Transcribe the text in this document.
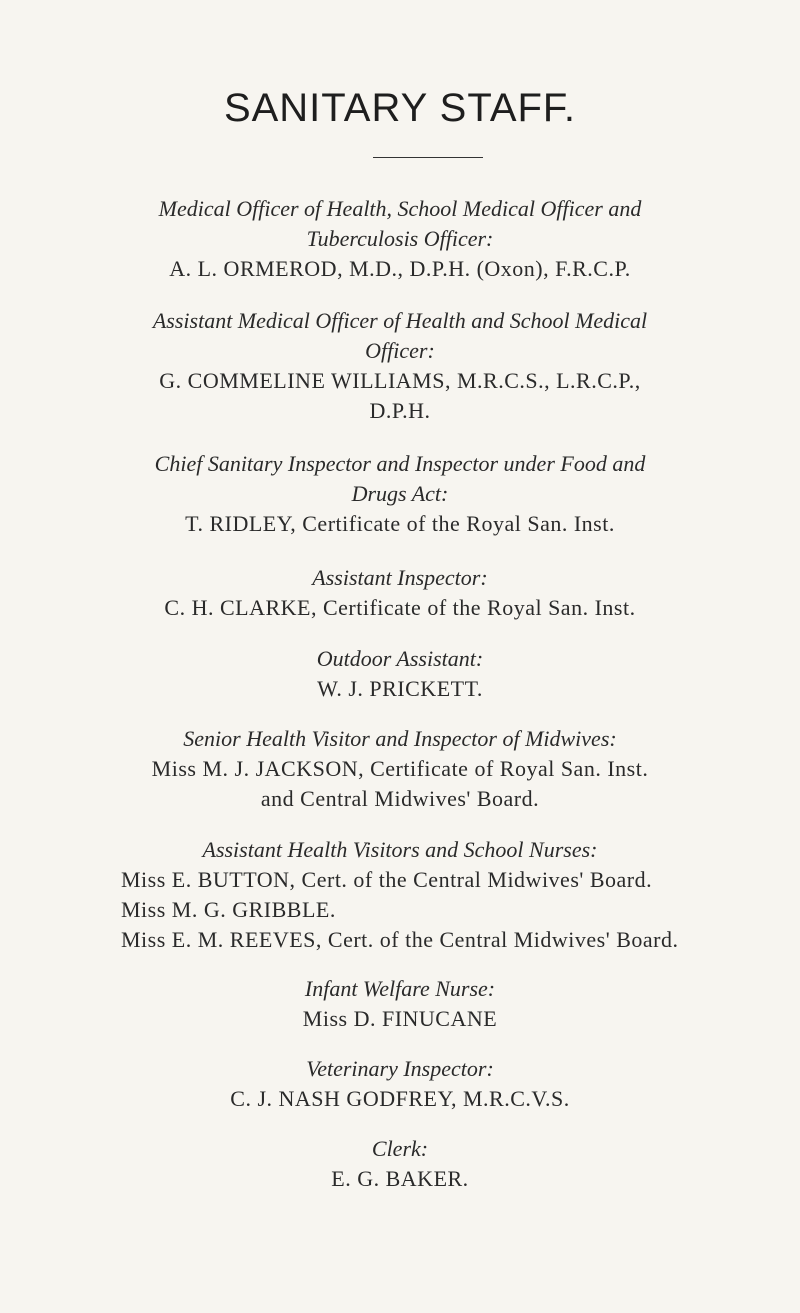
SANITARY STAFF.
Medical Officer of Health, School Medical Officer and
Tuberculosis Officer:
A. L. ORMEROD, M.D., D.P.H. (Oxon), F.R.C.P.
Assistant Medical Officer of Health and School Medical
Officer:
G. COMMELINE WILLIAMS, M.R.C.S., L.R.C.P.,
D.P.H.
Chief Sanitary Inspector and Inspector under Food and
Drugs Act:
T. RIDLEY, Certificate of the Royal San. Inst.
Assistant Inspector:
C. H. CLARKE, Certificate of the Royal San. Inst.
Outdoor Assistant:
W. J. PRICKETT.
Senior Health Visitor and Inspector of Midwives:
Miss M. J. JACKSON, Certificate of Royal San. Inst.
and Central Midwives' Board.
Assistant Health Visitors and School Nurses:
Miss E. BUTTON, Cert. of the Central Midwives' Board.
Miss M. G. GRIBBLE.
Miss E. M. REEVES, Cert. of the Central Midwives' Board.
Infant Welfare Nurse:
Miss D. FINUCANE
Veterinary Inspector:
C. J. NASH GODFREY, M.R.C.V.S.
Clerk:
E. G. BAKER.
